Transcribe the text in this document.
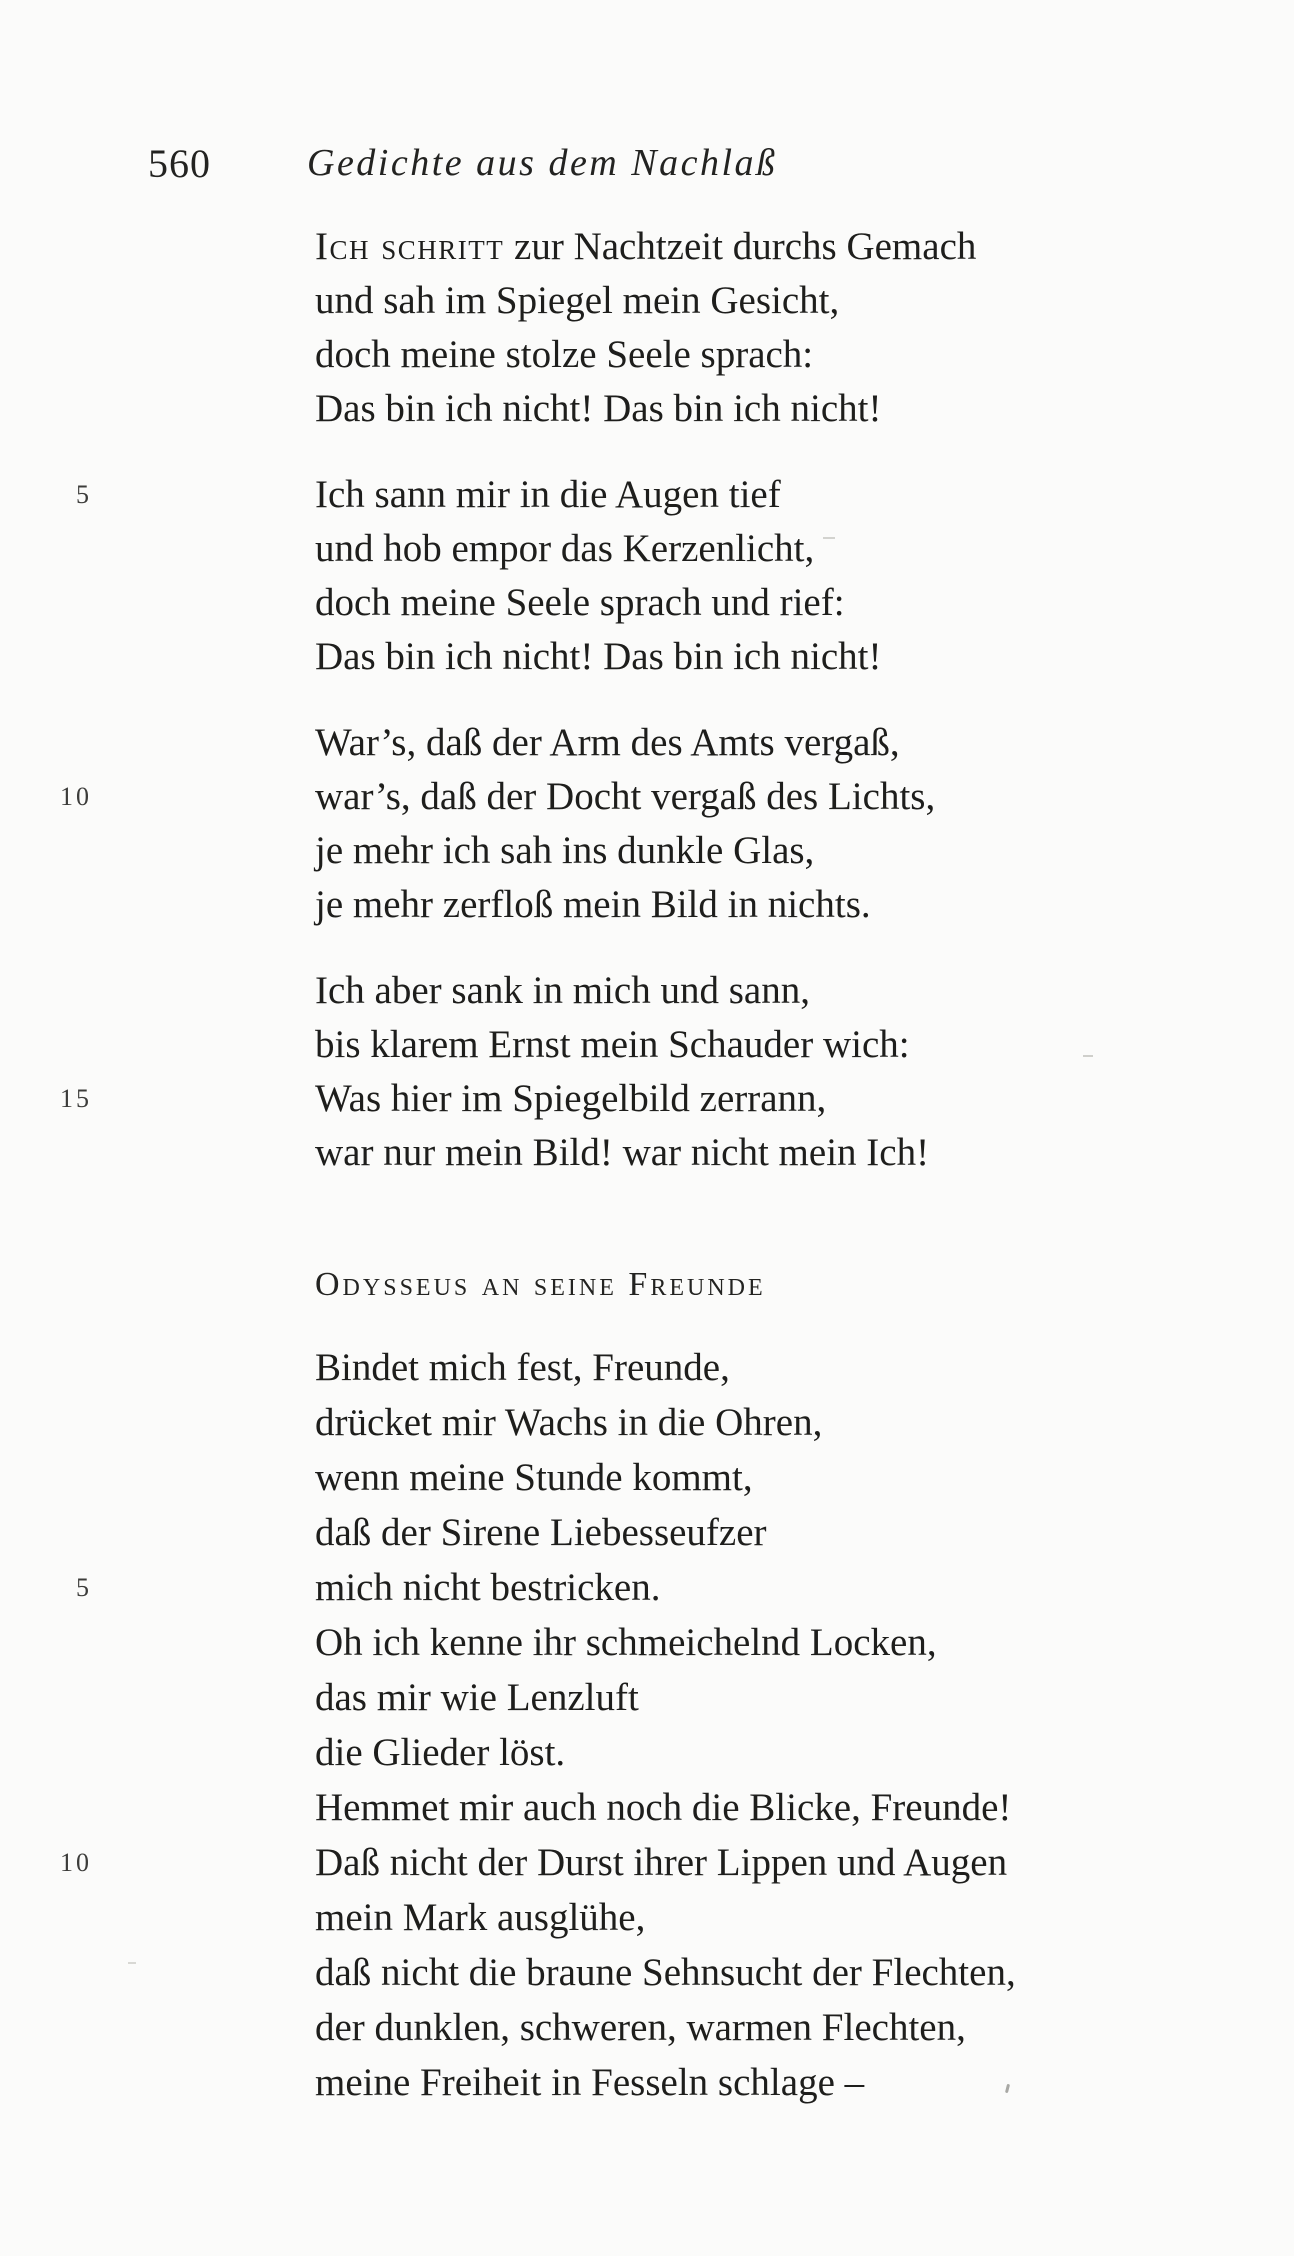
560	Gedichte aus dem Nachlaß
Ich schritt zur Nachtzeit durchs Gemach
und sah im Spiegel mein Gesicht,
doch meine stolze Seele sprach:
Das bin ich nicht! Das bin ich nicht!
5	Ich sann mir in die Augen tief
und hob empor das Kerzenlicht,
doch meine Seele sprach und rief:
Das bin ich nicht! Das bin ich nicht!
War’s, daß der Arm des Amts vergaß,
10	war’s, daß der Docht vergaß des Lichts,
je mehr ich sah ins dunkle Glas,
je mehr zerfloß mein Bild in nichts.
Ich aber sank in mich und sann,
bis klarem Ernst mein Schauder wich:
15	Was hier im Spiegelbild zerrann,
war nur mein Bild! war nicht mein Ich!
Odysseus an seine Freunde
Bindet mich fest, Freunde,
drücket mir Wachs in die Ohren,
wenn meine Stunde kommt,
daß der Sirene Liebesseufzer
5	mich nicht bestricken.
Oh ich kenne ihr schmeichelnd Locken,
das mir wie Lenzluft
die Glieder löst.
Hemmet mir auch noch die Blicke, Freunde!
10	Daß nicht der Durst ihrer Lippen und Augen
mein Mark ausglühe,
daß nicht die braune Sehnsucht der Flechten,
der dunklen, schweren, warmen Flechten,
meine Freiheit in Fesseln schlage –
